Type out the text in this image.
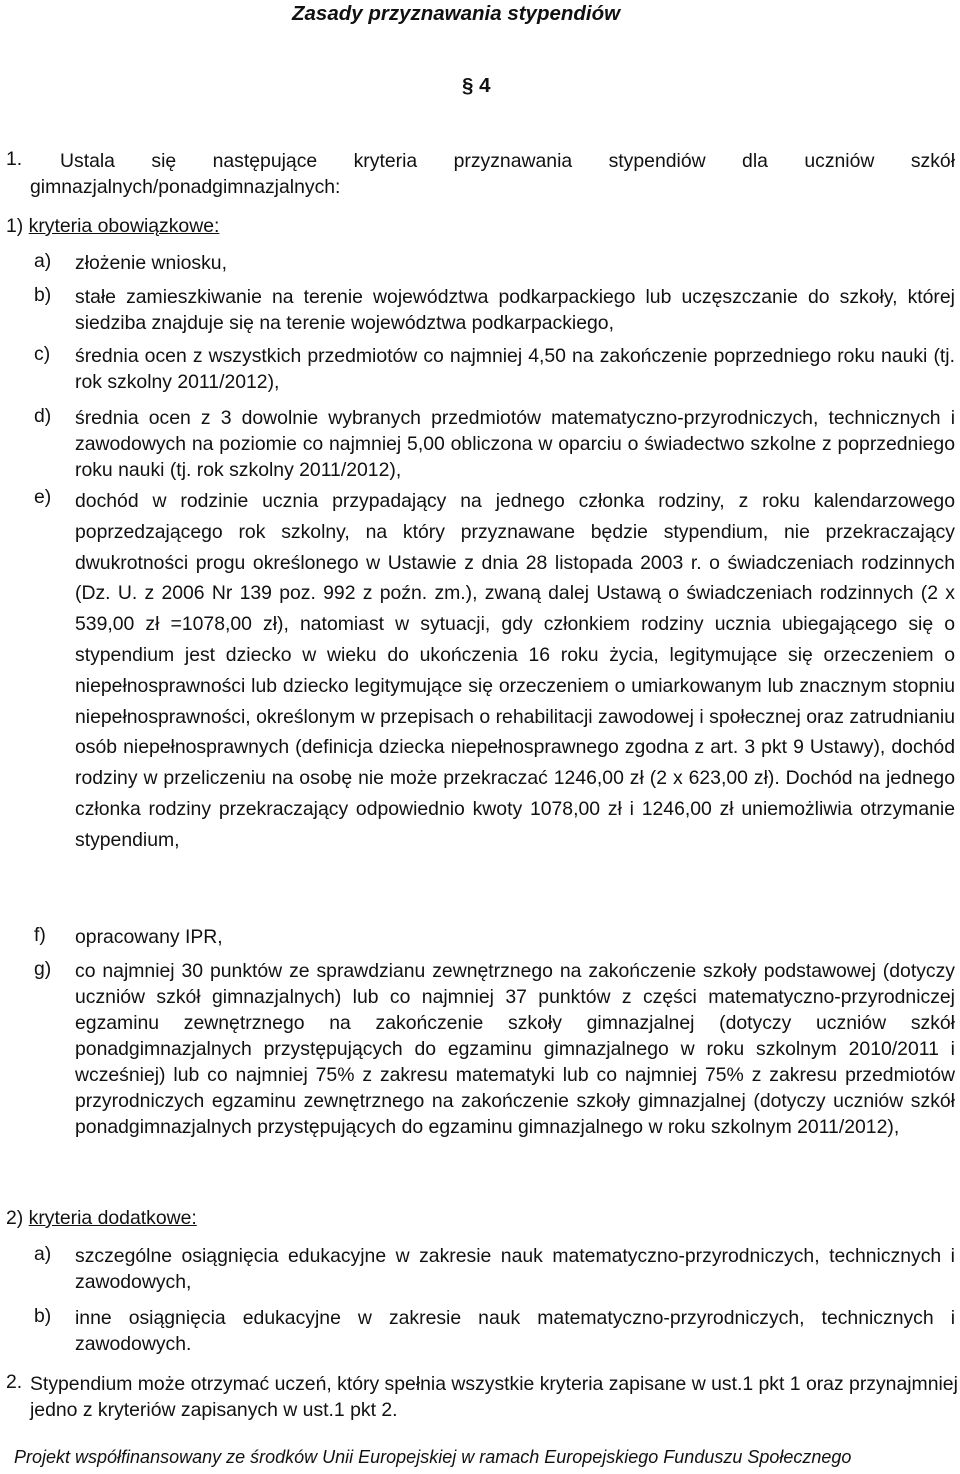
Zasady przyznawania stypendiów
§ 4
1.	Ustala się następujące kryteria przyznawania stypendiów dla uczniów szkół gimnazjalnych/ponadgimnazjalnych:
1) kryteria obowiązkowe:
a) złożenie wniosku,
b) stałe zamieszkiwanie na terenie województwa podkarpackiego lub uczęszczanie do szkoły, której siedziba znajduje się na terenie województwa podkarpackiego,
c) średnia ocen z wszystkich przedmiotów co najmniej 4,50 na zakończenie poprzedniego roku nauki (tj. rok szkolny 2011/2012),
d) średnia ocen z 3 dowolnie wybranych przedmiotów matematyczno-przyrodniczych, technicznych i zawodowych na poziomie co najmniej 5,00 obliczona w oparciu o świadectwo szkolne z poprzedniego roku nauki (tj. rok szkolny 2011/2012),
e) dochód w rodzinie ucznia przypadający na jednego członka rodziny, z roku kalendarzowego poprzedzającego rok szkolny, na który przyznawane będzie stypendium, nie przekraczający dwukrotności progu określonego w Ustawie z dnia 28 listopada 2003 r. o świadczeniach rodzinnych (Dz. U. z 2006 Nr 139 poz. 992 z poźn. zm.), zwaną dalej Ustawą o świadczeniach rodzinnych (2 x 539,00 zł =1078,00 zł), natomiast w sytuacji, gdy członkiem rodziny ucznia ubiegającego się o stypendium jest dziecko w wieku do ukończenia 16 roku życia, legitymujące się orzeczeniem o niepełnosprawności lub dziecko legitymujące się orzeczeniem o umiarkowanym lub znacznym stopniu niepełnosprawności, określonym w przepisach o rehabilitacji zawodowej i społecznej oraz zatrudnianiu osób niepełnosprawnych (definicja dziecka niepełnosprawnego zgodna z art. 3 pkt 9 Ustawy), dochód rodziny w przeliczeniu na osobę nie może przekraczać 1246,00 zł (2 x 623,00 zł). Dochód na jednego członka rodziny przekraczający odpowiednio kwoty 1078,00 zł i 1246,00 zł uniemożliwia otrzymanie stypendium,
f) opracowany IPR,
g) co najmniej 30 punktów ze sprawdzianu zewnętrznego na zakończenie szkoły podstawowej (dotyczy uczniów szkół gimnazjalnych) lub co najmniej 37 punktów z części matematyczno-przyrodniczej egzaminu zewnętrznego na zakończenie szkoły gimnazjalnej (dotyczy uczniów szkół ponadgimnazjalnych przystępujących do egzaminu gimnazjalnego w roku szkolnym 2010/2011 i wcześniej) lub co najmniej 75% z zakresu matematyki lub co najmniej 75% z zakresu przedmiotów przyrodniczych egzaminu zewnętrznego na zakończenie szkoły gimnazjalnej (dotyczy uczniów szkół ponadgimnazjalnych przystępujących do egzaminu gimnazjalnego w roku szkolnym 2011/2012),
2) kryteria dodatkowe:
a) szczególne osiągnięcia edukacyjne w zakresie nauk matematyczno-przyrodniczych, technicznych i zawodowych,
b) inne osiągnięcia edukacyjne w zakresie nauk matematyczno-przyrodniczych, technicznych i zawodowych.
2. Stypendium może otrzymać uczeń, który spełnia wszystkie kryteria zapisane w ust.1 pkt 1 oraz przynajmniej jedno z kryteriów zapisanych w ust.1 pkt 2.
Projekt współfinansowany ze środków Unii Europejskiej w ramach Europejskiego Funduszu Społecznego
